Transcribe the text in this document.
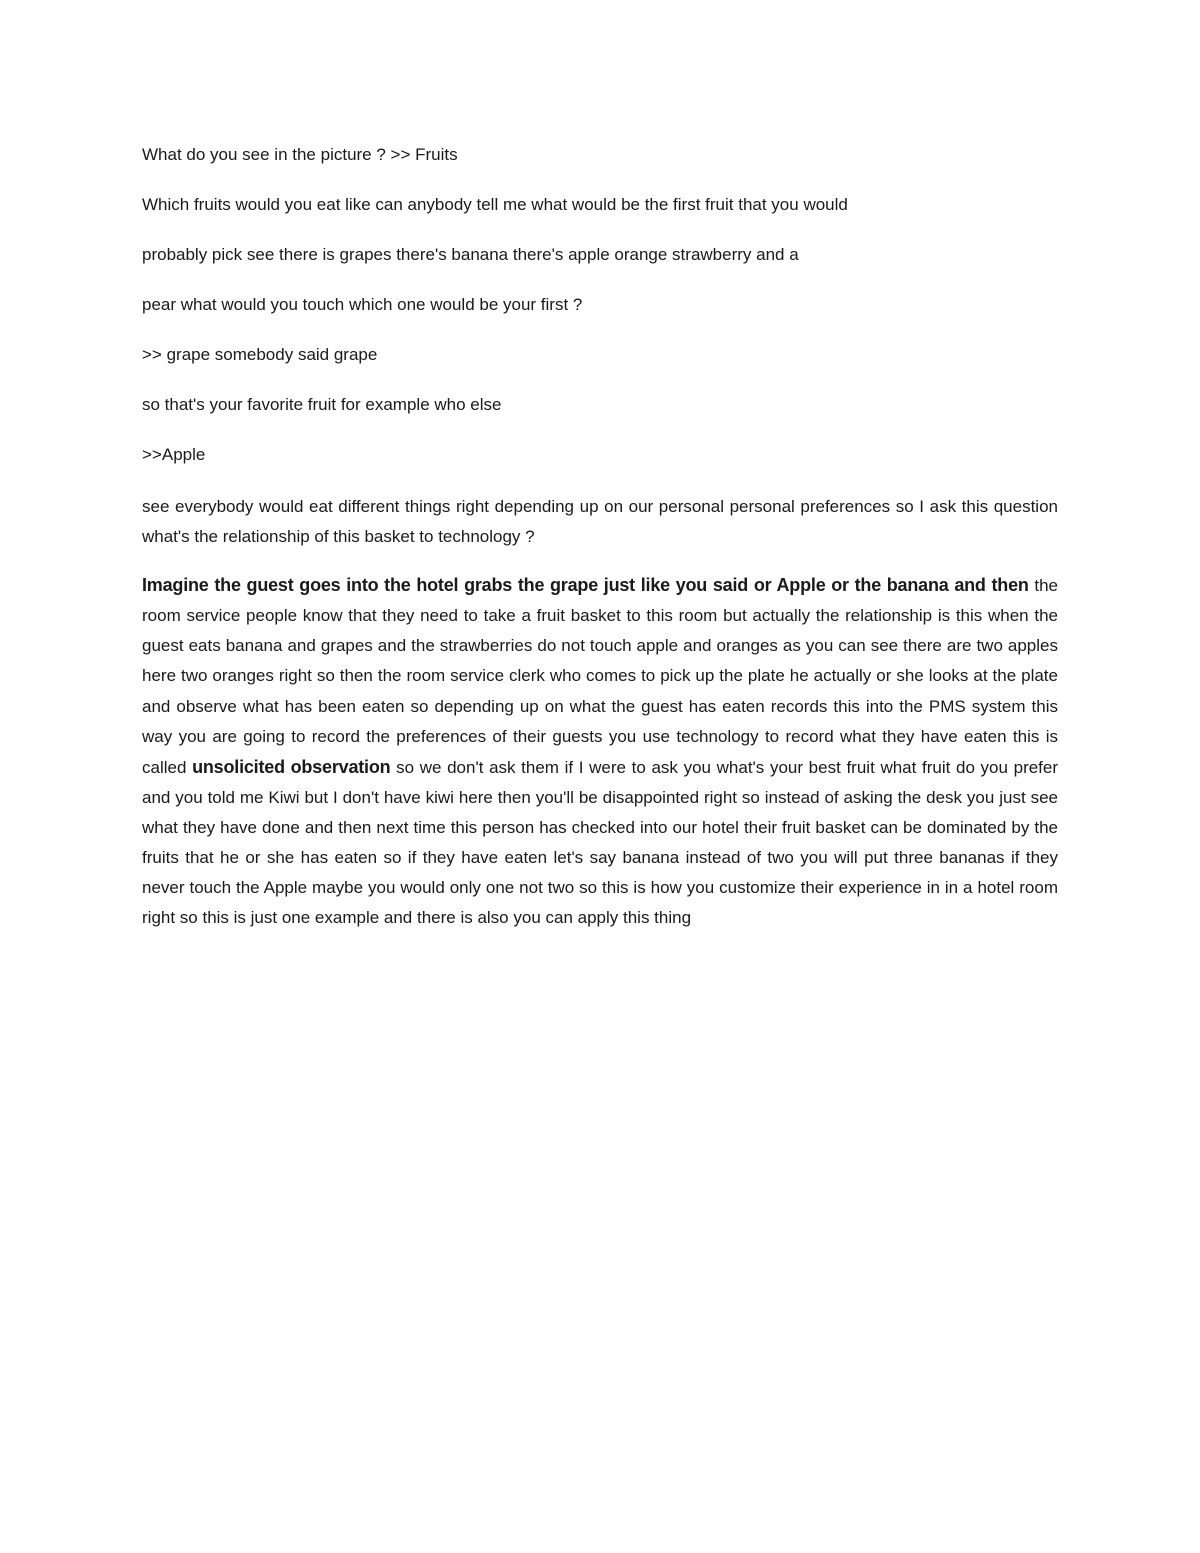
What do you see in the picture ? >> Fruits

Which fruits would you eat like can anybody tell me what would be the first fruit that you would

probably pick see there is grapes there's banana there's apple orange strawberry and a

pear what would you touch which one would be your first ?

>> grape somebody said grape

so that's your favorite fruit for example who else

>>Apple

see everybody would eat different things right depending up on our personal personal preferences so I ask this question what's the relationship of this basket to technology ?

Imagine the guest goes into the hotel grabs the grape just like you said or Apple or the banana and then the room service people know that they need to take a fruit basket to this room but actually the relationship is this when the guest eats banana and grapes and the strawberries do not touch apple and oranges as you can see there are two apples here two oranges right so then the room service clerk who comes to pick up the plate he actually or she looks at the plate and observe what has been eaten so depending up on what the guest has eaten records this into the PMS system this way you are going to record the preferences of their guests you use technology to record what they have eaten this is called unsolicited observation so we don't ask them if I were to ask you what's your best fruit what fruit do you prefer and you told me Kiwi but I don't have kiwi here then you'll be disappointed right so instead of asking the desk you just see what they have done and then next time this person has checked into our hotel their fruit basket can be dominated by the fruits that he or she has eaten so if they have eaten let's say banana instead of two you will put three bananas if they never touch the Apple maybe you would only one not two so this is how you customize their experience in in a hotel room right so this is just one example and there is also you can apply this thing
